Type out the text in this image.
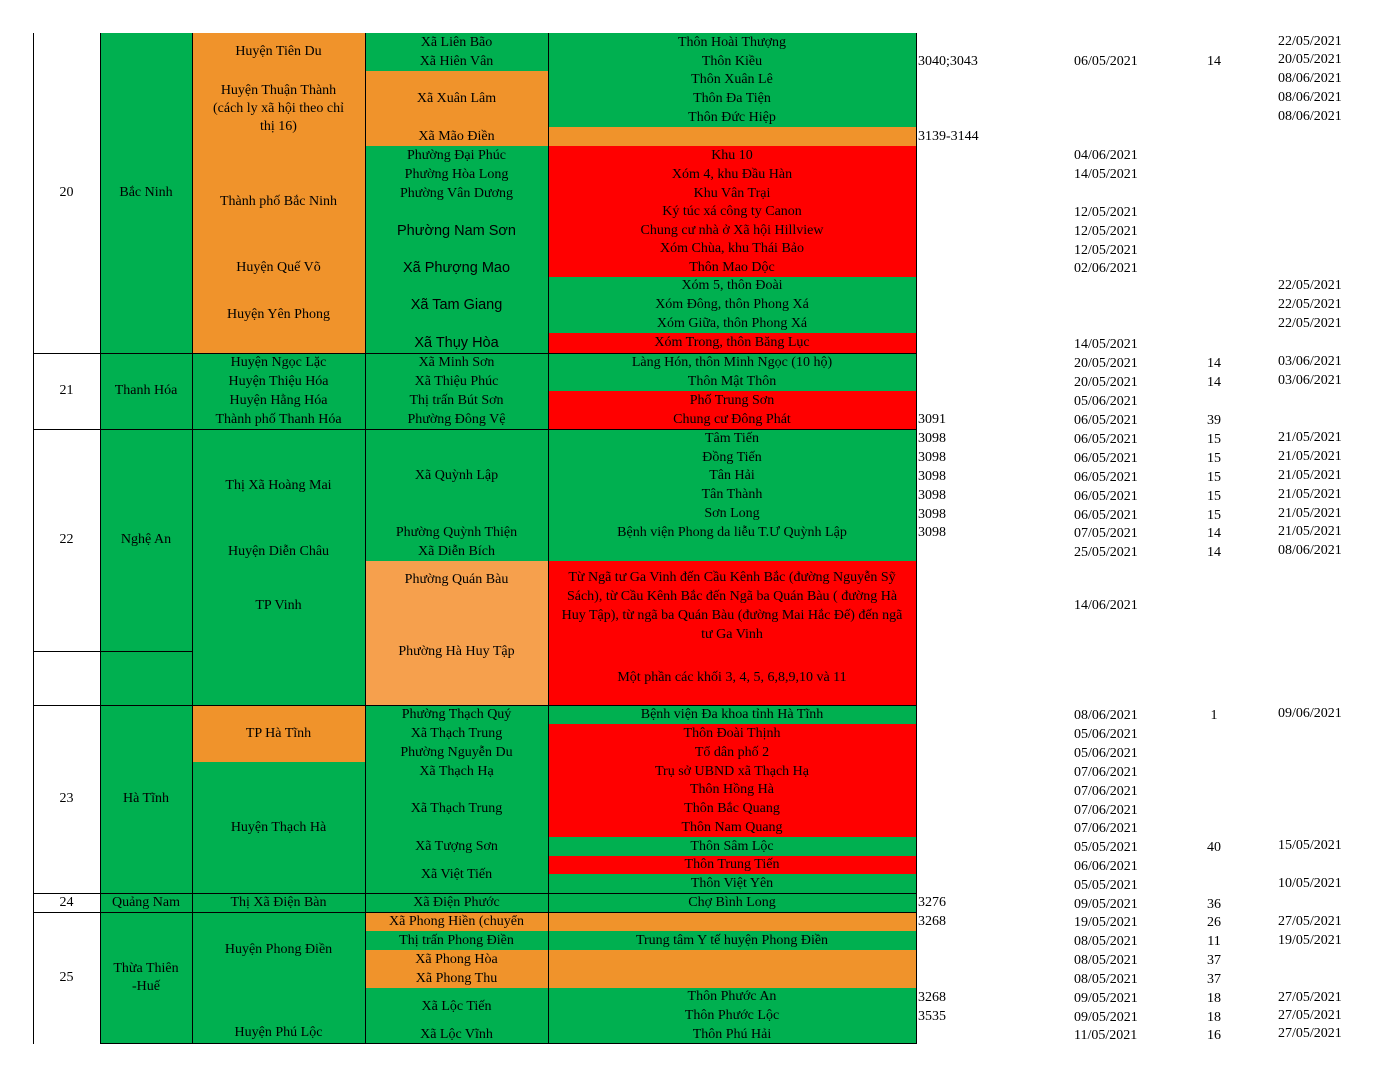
20
21
22
23
24
25
Bắc Ninh
Thanh Hóa
Nghệ An
Hà Tĩnh
Quảng Nam
Thừa Thiên -Huế
Huyện Tiên Du
Huyện Thuận Thành (cách ly xã hội theo chỉ thị 16)
Thành phố Bắc Ninh
Huyện Quế Võ
Huyện Yên Phong
Huyện Ngọc Lặc
Huyện Thiệu Hóa
Huyện Hằng Hóa
Thành phố Thanh Hóa
Thị Xã Hoàng Mai
Huyện Diễn Châu
TP Vinh
TP Hà Tĩnh
Huyện Thạch Hà
Thị Xã Điện Bàn
Huyện Phong Điền
Huyện Phú Lộc
Xã Liên Bão
Xã Hiên Vân
Xã Xuân Lâm
Xã Mão Điền
Phường Đại Phúc
Phường Hòa Long
Phường Vân Dương
Phường Nam Sơn
Xã Phượng Mao
Xã Tam Giang
Xã Thụy Hòa
Xã Minh Sơn
Xã Thiệu Phúc
Thị trấn Bút Sơn
Phường Đông Vệ
Xã Quỳnh Lập
Phường Quỳnh Thiện
Xã Diễn Bích
Phường Quán Bàu
Phường Hà Huy Tập
Phường Thạch Quý
Xã Thạch Trung
Phường Nguyễn Du
Xã Thạch Hạ
Xã Thạch Trung
Xã Tượng Sơn
Xã Việt Tiến
Xã Điện Phước
Xã Phong Hiền (chuyển
Thị trấn Phong Điền
Xã Phong Hòa
Xã Phong Thu
Xã Lộc Tiến
Xã Lộc Vĩnh
Thôn Hoài Thượng
Thôn Kiều
Thôn Xuân Lê
Thôn Đa Tiện
Thôn Đức Hiệp
Khu 10
Xóm 4, khu Đầu Hàn
Khu Vân Trại
Ký túc xá công ty Canon
Chung cư nhà ở Xã hội Hillview
Xóm Chùa, khu Thái Bảo
Thôn Mao Dộc
Xóm 5, thôn Đoài
Xóm Đông, thôn Phong Xá
Xóm Giữa, thôn Phong Xá
Xóm Trong, thôn Băng Lục
Làng Hón, thôn Minh Ngọc (10 hộ)
Thôn Mật Thôn
Phố Trung Sơn
Chung cư Đông Phát
Tâm Tiến
Đồng Tiến
Tân Hải
Tân Thành
Sơn Long
Bệnh viện Phong da liễu T.Ư Quỳnh Lập
Từ Ngã tư Ga Vinh đến Cầu Kênh Bắc (đường Nguyễn Sỹ Sách), từ Cầu Kênh Bắc đến Ngã ba Quán Bàu ( đường Hà Huy Tập), từ ngã ba Quán Bàu (đường Mai Hắc Đế) đến ngã tư Ga Vinh
Một phần các khối 3, 4, 5, 6,8,9,10 và 11
Bệnh viện Đa khoa tỉnh Hà Tĩnh
Thôn Đoài Thịnh
Tổ dân phố 2
Trụ sở UBND xã Thạch Hạ
Thôn Hồng Hà
Thôn Bắc Quang
Thôn Nam Quang
Thôn Sâm Lộc
Thôn Trung Tiến
Thôn Việt Yên
Chợ Bình Long
Trung tâm Y tế huyện Phong Điền
Thôn Phước An
Thôn Phước Lộc
Thôn Phú Hải
3040;3043
3139-3144
3091
3098
3098
3098
3098
3098
3098
3276
3268
3268
3535
06/05/2021
04/06/2021
14/05/2021
12/05/2021
12/05/2021
12/05/2021
02/06/2021
14/05/2021
20/05/2021
20/05/2021
05/06/2021
06/05/2021
06/05/2021
06/05/2021
06/05/2021
06/05/2021
06/05/2021
07/05/2021
25/05/2021
14/06/2021
08/06/2021
05/06/2021
05/06/2021
07/06/2021
07/06/2021
07/06/2021
07/06/2021
05/05/2021
06/06/2021
05/05/2021
09/05/2021
19/05/2021
08/05/2021
08/05/2021
08/05/2021
09/05/2021
09/05/2021
11/05/2021
14
14
14
39
15
15
15
15
15
14
14
1
40
36
26
11
37
37
18
18
16
22/05/2021
20/05/2021
08/06/2021
08/06/2021
08/06/2021
22/05/2021
22/05/2021
22/05/2021
03/06/2021
03/06/2021
21/05/2021
21/05/2021
21/05/2021
21/05/2021
21/05/2021
21/05/2021
08/06/2021
09/06/2021
15/05/2021
10/05/2021
27/05/2021
19/05/2021
27/05/2021
27/05/2021
27/05/2021
